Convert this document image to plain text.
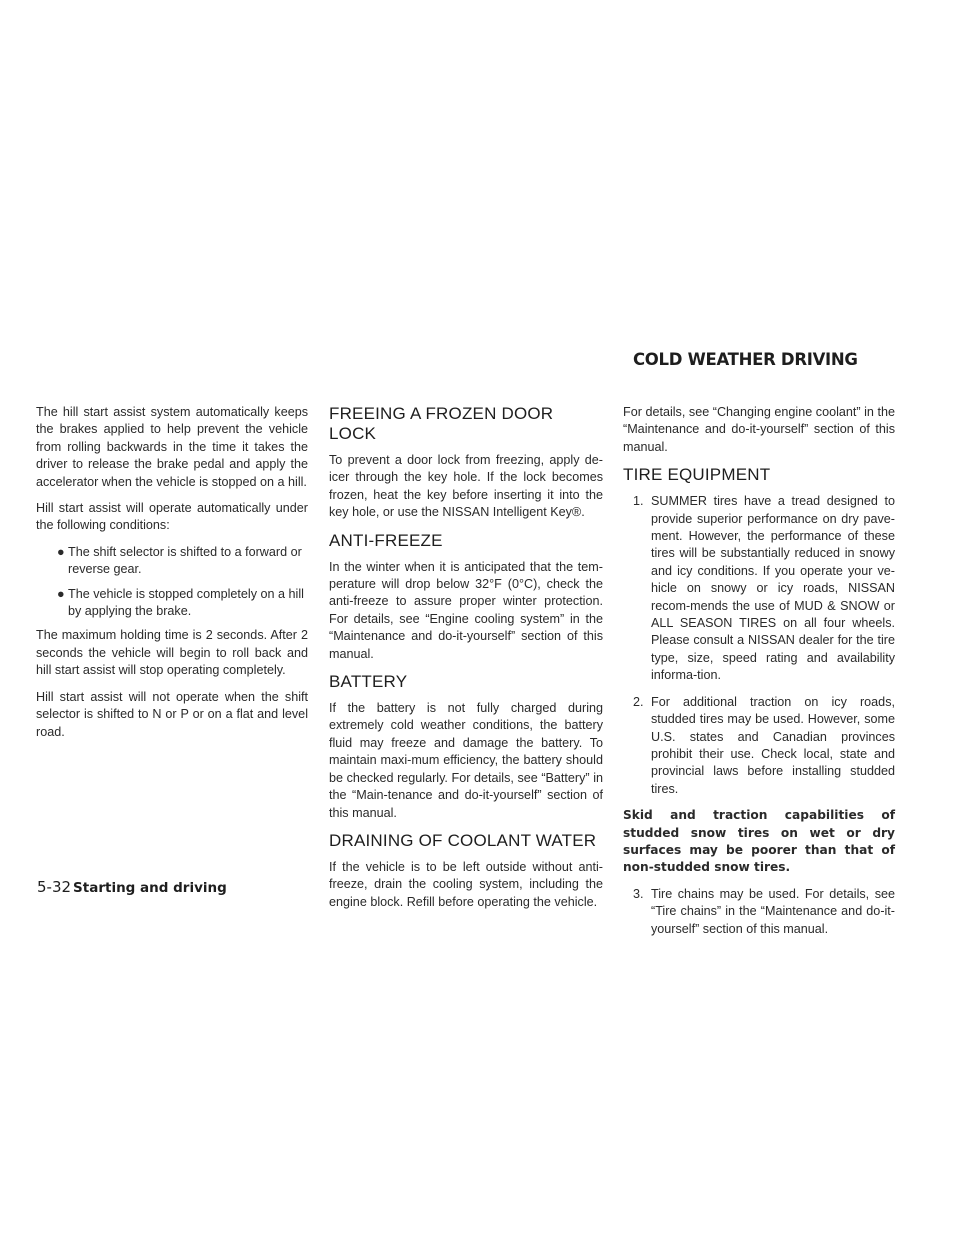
COLD WEATHER DRIVING

The hill start assist system automatically keeps the brakes applied to help prevent the vehicle from rolling backwards in the time it takes the driver to release the brake pedal and apply the accelerator when the vehicle is stopped on a hill.

Hill start assist will operate automatically under the following conditions:

● The shift selector is shifted to a forward or reverse gear.
● The vehicle is stopped completely on a hill by applying the brake.

The maximum holding time is 2 seconds. After 2 seconds the vehicle will begin to roll back and hill start assist will stop operating completely.

Hill start assist will not operate when the shift selector is shifted to N or P or on a flat and level road.

FREEING A FROZEN DOOR LOCK

To prevent a door lock from freezing, apply de-icer through the key hole. If the lock becomes frozen, heat the key before inserting it into the key hole, or use the NISSAN Intelligent Key®.

ANTI-FREEZE

In the winter when it is anticipated that the tem-perature will drop below 32°F (0°C), check the anti-freeze to assure proper winter protection. For details, see “Engine cooling system” in the “Maintenance and do-it-yourself” section of this manual.

BATTERY

If the battery is not fully charged during extremely cold weather conditions, the battery fluid may freeze and damage the battery. To maintain maxi-mum efficiency, the battery should be checked regularly. For details, see “Battery” in the “Main-tenance and do-it-yourself” section of this manual.

DRAINING OF COOLANT WATER

If the vehicle is to be left outside without anti-freeze, drain the cooling system, including the engine block. Refill before operating the vehicle.

For details, see “Changing engine coolant” in the “Maintenance and do-it-yourself” section of this manual.

TIRE EQUIPMENT
1. SUMMER tires have a tread designed to provide superior performance on dry pave-ment. However, the performance of these tires will be substantially reduced in snowy and icy conditions. If you operate your ve-hicle on snowy or icy roads, NISSAN recom-mends the use of MUD & SNOW or ALL SEASON TIRES on all four wheels. Please consult a NISSAN dealer for the tire type, size, speed rating and availability informa-tion.
2. For additional traction on icy roads, studded tires may be used. However, some U.S. states and Canadian provinces prohibit their use. Check local, state and provincial laws before installing studded tires.

Skid and traction capabilities of studded snow tires on wet or dry surfaces may be poorer than that of non-studded snow tires.

3. Tire chains may be used. For details, see “Tire chains” in the “Maintenance and do-it-yourself” section of this manual.
5-32 Starting and driving
